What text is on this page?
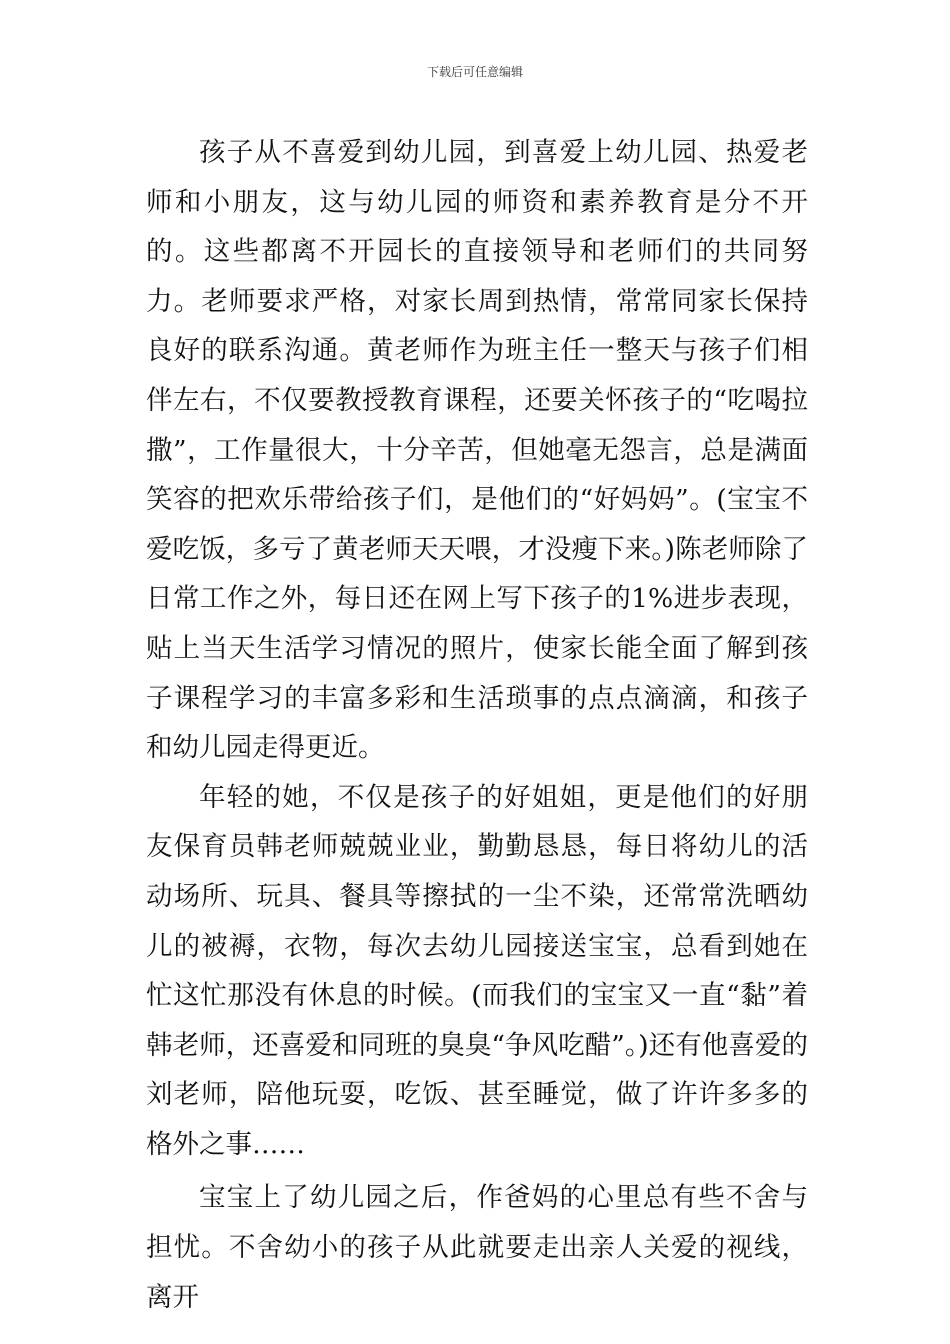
下载后可任意编辑

孩子从不喜爱到幼儿园，到喜爱上幼儿园、热爱老师和小朋友，这与幼儿园的师资和素养教育是分不开的。这些都离不开园长的直接领导和老师们的共同努力。老师要求严格，对家长周到热情，常常同家长保持良好的联系沟通。黄老师作为班主任一整天与孩子们相伴左右，不仅要教授教育课程，还要关怀孩子的“吃喝拉撒”，工作量很大，十分辛苦，但她毫无怨言，总是满面笑容的把欢乐带给孩子们，是他们的“好妈妈”。(宝宝不爱吃饭，多亏了黄老师天天喂，才没瘦下来。)陈老师除了日常工作之外，每日还在网上写下孩子的1%进步表现，贴上当天生活学习情况的照片，使家长能全面了解到孩子课程学习的丰富多彩和生活琐事的点点滴滴，和孩子和幼儿园走得更近。

年轻的她，不仅是孩子的好姐姐，更是他们的好朋友保育员韩老师兢兢业业，勤勤恳恳，每日将幼儿的活动场所、玩具、餐具等擦拭的一尘不染，还常常洗晒幼儿的被褥，衣物，每次去幼儿园接送宝宝，总看到她在忙这忙那没有休息的时候。(而我们的宝宝又一直“黏”着韩老师，还喜爱和同班的臭臭“争风吃醋”。)还有他喜爱的刘老师，陪他玩耍，吃饭、甚至睡觉，做了许许多多的格外之事……

宝宝上了幼儿园之后，作爸妈的心里总有些不舍与担忧。不舍幼小的孩子从此就要走出亲人关爱的视线，离开
